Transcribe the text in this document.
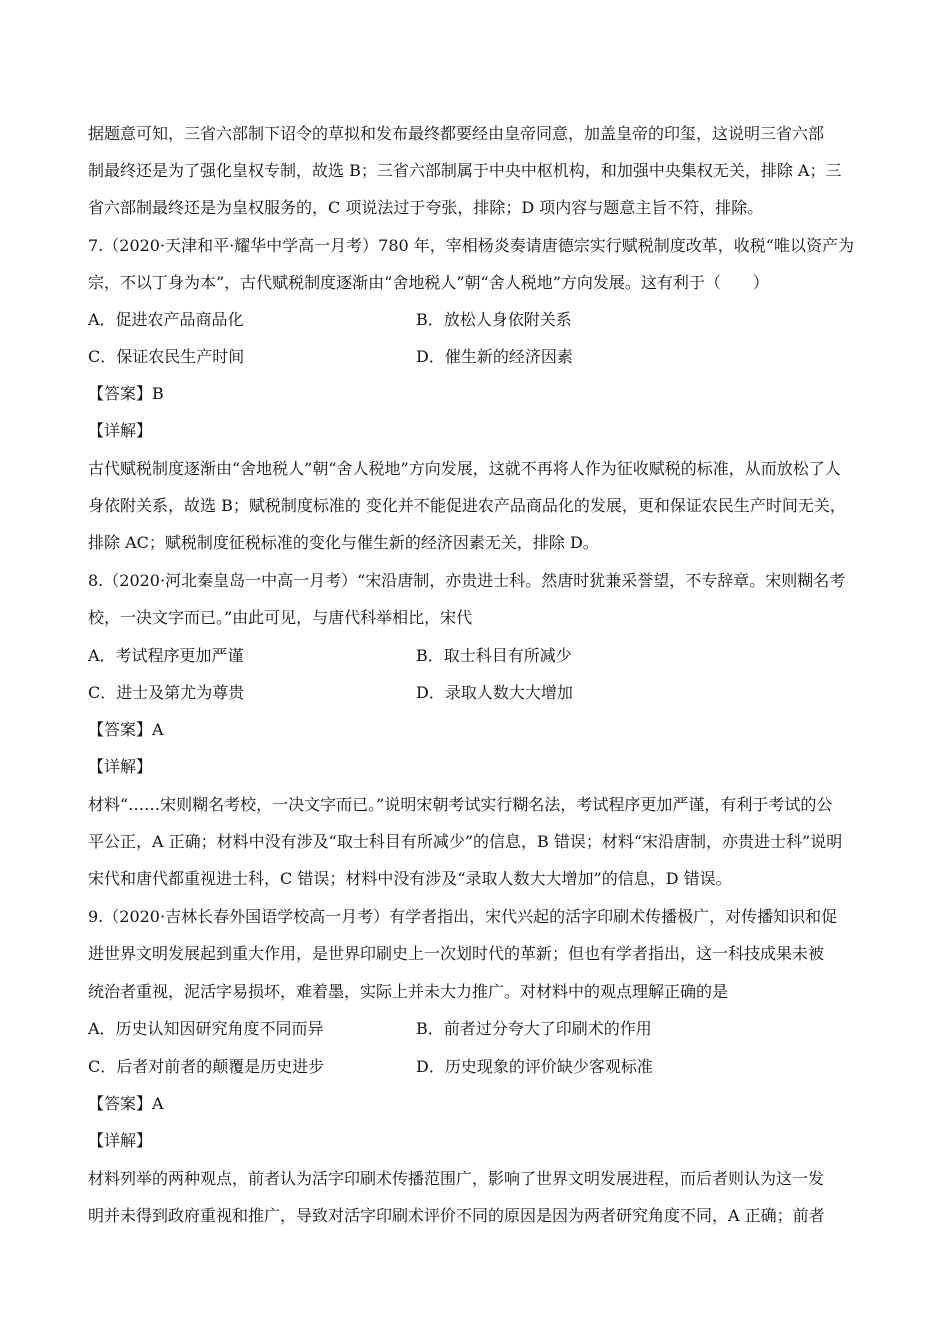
据题意可知，三省六部制下诏令的草拟和发布最终都要经由皇帝同意，加盖皇帝的印玺，这说明三省六部
制最终还是为了强化皇权专制，故选 B；三省六部制属于中央中枢机构，和加强中央集权无关，排除 A；三
省六部制最终还是为皇权服务的，C 项说法过于夸张，排除；D 项内容与题意主旨不符，排除。
7.（2020·天津和平·耀华中学高一月考）780 年，宰相杨炎奏请唐德宗实行赋税制度改革，收税“唯以资产为
宗，不以丁身为本”，古代赋税制度逐渐由“舍地税人”朝“舍人税地”方向发展。这有利于（　　）
A．促进农产品商品化	B．放松人身依附关系
C．保证农民生产时间	D．催生新的经济因素
【答案】B
【详解】
古代赋税制度逐渐由“舍地税人”朝“舍人税地”方向发展，这就不再将人作为征收赋税的标准，从而放松了人
身依附关系，故选 B；赋税制度标准的 变化并不能促进农产品商品化的发展，更和保证农民生产时间无关，
排除 AC；赋税制度征税标准的变化与催生新的经济因素无关，排除 D。
8.（2020·河北秦皇岛一中高一月考）“宋沿唐制，亦贵进士科。然唐时犹兼采誉望，不专辞章。宋则糊名考
校，一决文字而已。”由此可见，与唐代科举相比，宋代
A．考试程序更加严谨	B．取士科目有所减少
C．进士及第尤为尊贵	D．录取人数大大增加
【答案】A
【详解】
材料“……宋则糊名考校，一决文字而已。”说明宋朝考试实行糊名法，考试程序更加严谨，有利于考试的公
平公正，A 正确；材料中没有涉及“取士科目有所减少”的信息，B 错误；材料“宋沿唐制，亦贵进士科”说明
宋代和唐代都重视进士科，C 错误；材料中没有涉及“录取人数大大增加”的信息，D 错误。
9.（2020·吉林长春外国语学校高一月考）有学者指出，宋代兴起的活字印刷术传播极广，对传播知识和促
进世界文明发展起到重大作用，是世界印刷史上一次划时代的革新；但也有学者指出，这一科技成果未被
统治者重视，泥活字易损坏，难着墨，实际上并未大力推广。对材料中的观点理解正确的是
A．历史认知因研究角度不同而异	B．前者过分夸大了印刷术的作用
C．后者对前者的颠覆是历史进步	D．历史现象的评价缺少客观标准
【答案】A
【详解】
材料列举的两种观点，前者认为活字印刷术传播范围广，影响了世界文明发展进程，而后者则认为这一发
明并未得到政府重视和推广，导致对活字印刷术评价不同的原因是因为两者研究角度不同，A 正确；前者
